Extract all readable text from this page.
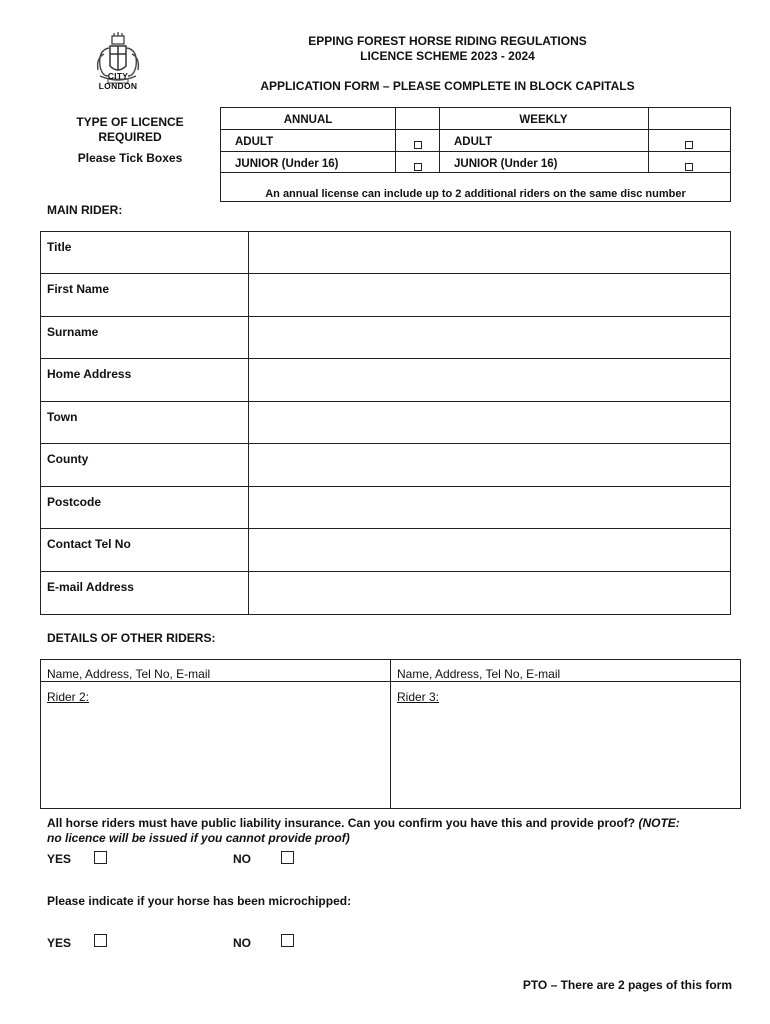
CITY
LONDON
EPPING FOREST HORSE RIDING REGULATIONS
LICENCE SCHEME 2023 - 2024
APPLICATION FORM – PLEASE COMPLETE IN BLOCK CAPITALS
TYPE OF LICENCE
REQUIRED
Please Tick Boxes
ANNUAL	WEEKLY
ADULT	ADULT
JUNIOR (Under 16)	JUNIOR (Under 16)
An annual license can include up to 2 additional riders on the same disc number
MAIN RIDER:
Title
First Name
Surname
Home Address
Town
County
Postcode
Contact Tel No
E-mail Address
DETAILS OF OTHER RIDERS:
Name, Address, Tel No, E-mail	Name, Address, Tel No, E-mail
Rider 2:	Rider 3:
All horse riders must have public liability insurance. Can you confirm you have this and provide proof? (NOTE:
no licence will be issued if you cannot provide proof)
YES	NO
Please indicate if your horse has been microchipped:
YES	NO
PTO – There are 2 pages of this form
